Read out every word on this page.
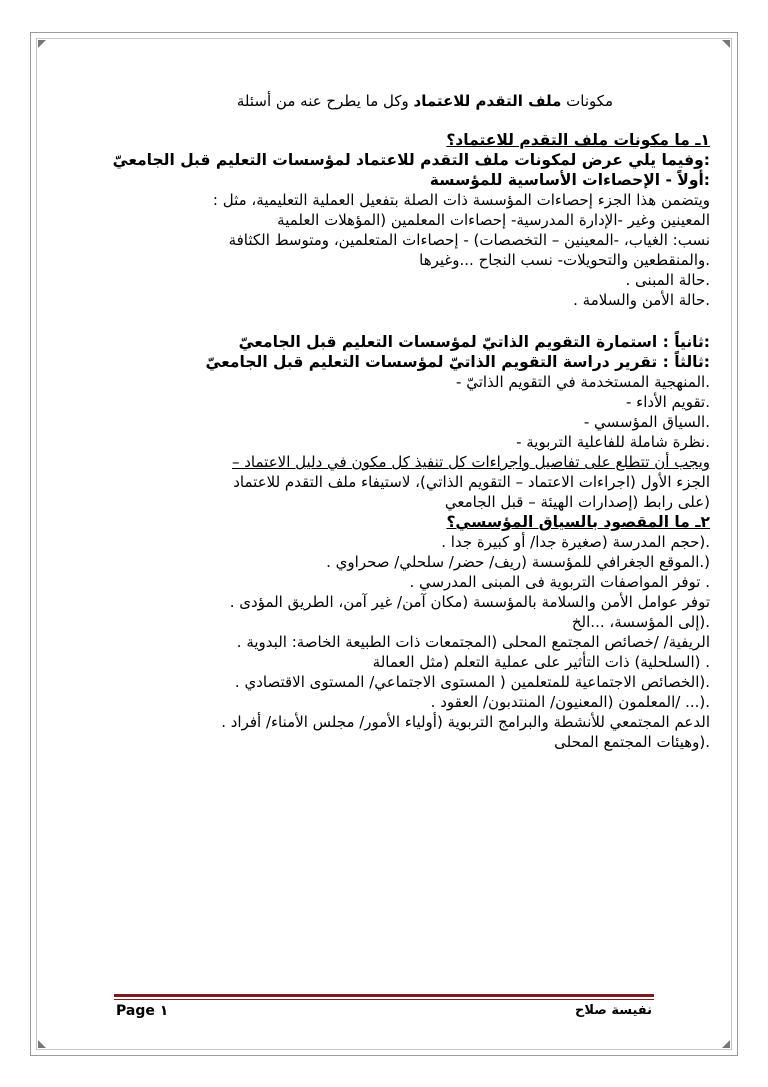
مكونات ملف التقدم للاعتماد وكل ما يطرح عنه من أسئلة
١ـ ما مكونات ملف التقدم للاعتماد؟
:وفيما يلي عرض لمكونات ملف التقدم للاعتماد لمؤسسات التعليم قبل الجامعيّ
:أولاً - الإحصاءات الأساسية للمؤسسة
ويتضمن هذا الجزء إحصاءات المؤسسة ذات الصلة بتفعيل العملية التعليمية، مثل :
المعينين وغير -الإدارة المدرسية- إحصاءات المعلمين (المؤهلات العلمية
نسب: الغياب، -المعينين – التخصصات) - إحصاءات المتعلمين، ومتوسط الكثافة
.والمنقطعين والتحويلات- نسب النجاح ...وغيرها
.حالة المبنى .
.حالة الأمن والسلامة .
:ثانياً : استمارة التقويم الذاتيّ لمؤسسات التعليم قبل الجامعيّ
:ثالثاً : تقرير دراسة التقويم الذاتيّ لمؤسسات التعليم قبل الجامعيّ
.المنهجية المستخدمة في التقويم الذاتيّ -
.تقويم الأداء -
.السياق المؤسسي -
.نظرة شاملة للفاعلية التربوية -
ويجب أن تتطلع على تفاصيل واجراءات كل تنفيذ كل مكون في دليل الاعتماد –
الجزء الأول (اجراءات الاعتماد – التقويم الذاتي)، لاستيفاء ملف التقدم للاعتماد
(على رابط (إصدارات الهيئة – قبل الجامعي
٢ـ ما المقصود بالسياق المؤسسي؟
.(حجم المدرسة (صغيرة جدا/ أو كبيرة جدا .
(.الموقع الجغرافي للمؤسسة (ريف/ حضر/ سلحلي/ صحراوي .
. توفر المواصفات التربوية فى المبنى المدرسي .
توفر عوامل الأمن والسلامة بالمؤسسة (مكان آمن/ غير آمن، الطريق المؤدى .
.(إلى المؤسسة، ...الخ
الريفية/ /خصائص المجتمع المحلى (المجتمعات ذات الطبيعة الخاصة: البدوية .
. (السلحلية) ذات التأثير على عملية التعلم (مثل العمالة
.(الخصائص الاجتماعية للمتعلمين ( المستوى الاجتماعي/ المستوى الاقتصادي .
.(... /المعلمون (المعنيون/ المنتدبون/ العقود .
الدعم المجتمعي للأنشطة والبرامج التربوية (أولياء الأمور/ مجلس الأمناء/ أفراد .
.(وهيئات المجتمع المحلى
Page ١	نفيسة صلاح
